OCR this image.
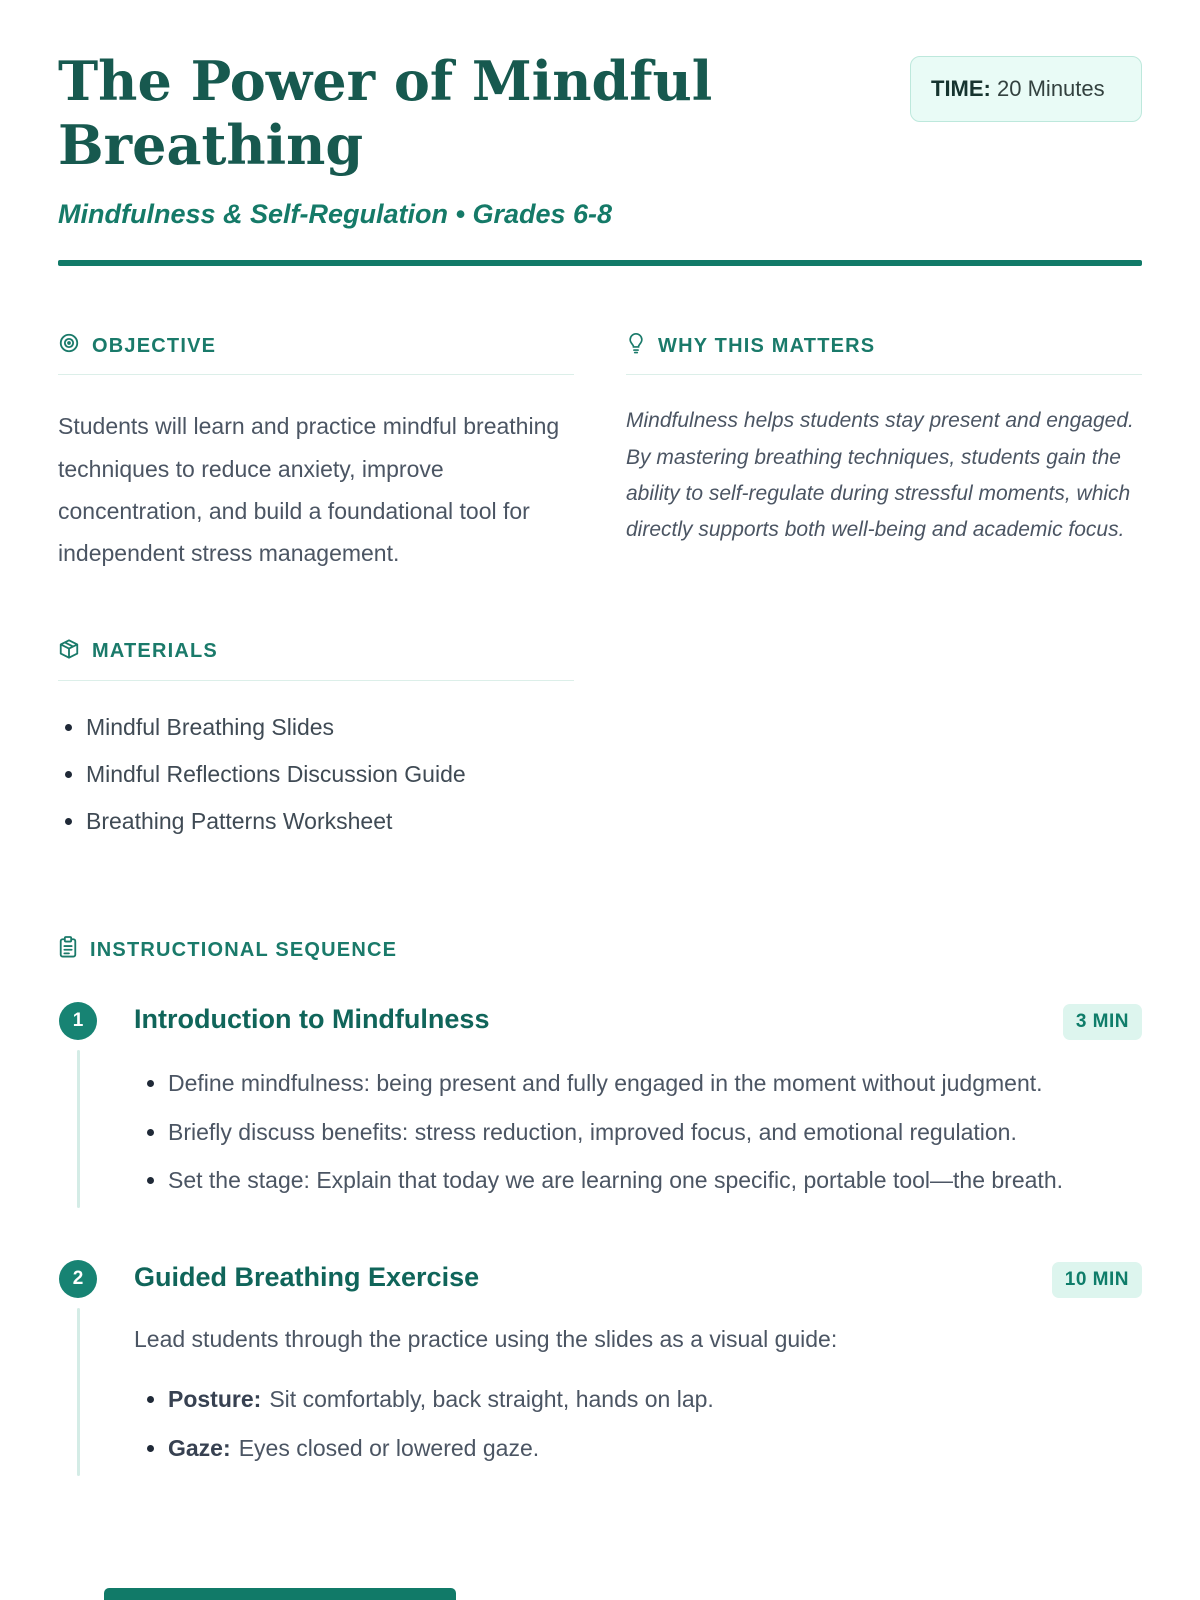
The Power of Mindful Breathing
TIME: 20 Minutes
Mindfulness & Self-Regulation • Grades 6-8
OBJECTIVE

Students will learn and practice mindful breathing techniques to reduce anxiety, improve concentration, and build a foundational tool for independent stress management.

MATERIALS
• Mindful Breathing Slides
• Mindful Reflections Discussion Guide
• Breathing Patterns Worksheet
WHY THIS MATTERS

Mindfulness helps students stay present and engaged. By mastering breathing techniques, students gain the ability to self-regulate during stressful moments, which directly supports both well-being and academic focus.

INSTRUCTIONAL SEQUENCE
1	Introduction to Mindfulness	3 MIN
• Define mindfulness: being present and fully engaged in the moment without judgment.
• Briefly discuss benefits: stress reduction, improved focus, and emotional regulation.
• Set the stage: Explain that today we are learning one specific, portable tool—the breath.
2	Guided Breathing Exercise	10 MIN

Lead students through the practice using the slides as a visual guide:

• Posture: Sit comfortably, back straight, hands on lap.
• Gaze: Eyes closed or lowered gaze.
